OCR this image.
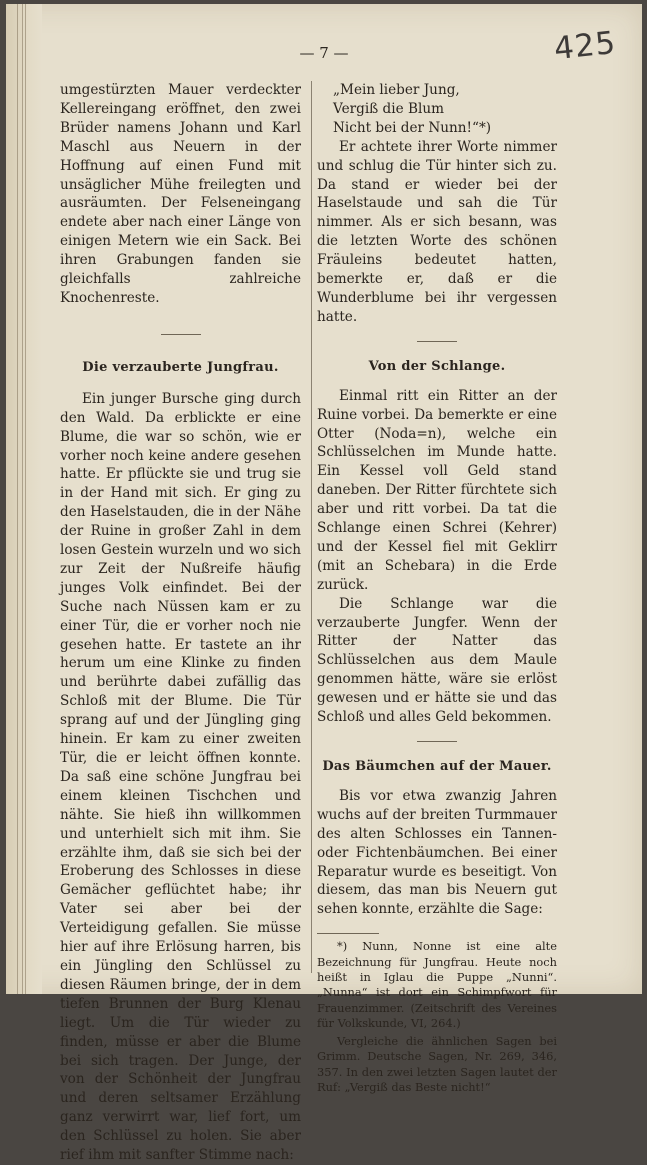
— 7 —	425

umgestürzten Mauer verdeckter Kellereingang eröffnet, den zwei Brüder namens Johann und Karl Maschl aus Neuern in der Hoffnung auf einen Fund mit unsäglicher Mühe freilegten und ausräumten. Der Felseneingang endete aber nach einer Länge von einigen Metern wie ein Sack. Bei ihren Grabungen fanden sie gleichfalls zahlreiche Knochenreste.

Die verzauberte Jungfrau.

Ein junger Bursche ging durch den Wald. Da erblickte er eine Blume, die war so schön, wie er vorher noch keine andere gesehen hatte. Er pflückte sie und trug sie in der Hand mit sich. Er ging zu den Haselstauden, die in der Nähe der Ruine in großer Zahl in dem losen Gestein wurzeln und wo sich zur Zeit der Nußreife häufig junges Volk einfindet. Bei der Suche nach Nüssen kam er zu einer Tür, die er vorher noch nie gesehen hatte. Er tastete an ihr herum um eine Klinke zu finden und berührte dabei zufällig das Schloß mit der Blume. Die Tür sprang auf und der Jüngling ging hinein. Er kam zu einer zweiten Tür, die er leicht öffnen konnte. Da saß eine schöne Jungfrau bei einem kleinen Tischchen und nähte. Sie hieß ihn willkommen und unterhielt sich mit ihm. Sie erzählte ihm, daß sie sich bei der Eroberung des Schlosses in diese Gemächer geflüchtet habe; ihr Vater sei aber bei der Verteidigung gefallen. Sie müsse hier auf ihre Erlösung harren, bis ein Jüngling den Schlüssel zu diesen Räumen bringe, der in dem tiefen Brunnen der Burg Klenau liegt. Um die Tür wieder zu finden, müsse er aber die Blume bei sich tragen. Der Junge, der von der Schönheit der Jungfrau und deren seltsamer Erzählung ganz verwirrt war, lief fort, um den Schlüssel zu holen. Sie aber rief ihm mit sanfter Stimme nach:

„Mein lieber Jung,

Vergiß die Blum

Nicht bei der Nunn!“*)

Er achtete ihrer Worte nimmer und schlug die Tür hinter sich zu. Da stand er wieder bei der Haselstaude und sah die Tür nimmer. Als er sich besann, was die letzten Worte des schönen Fräuleins bedeutet hatten, bemerkte er, daß er die Wunderblume bei ihr vergessen hatte.

Von der Schlange.

Einmal ritt ein Ritter an der Ruine vorbei. Da bemerkte er eine Otter (Noda=n), welche ein Schlüsselchen im Munde hatte. Ein Kessel voll Geld stand daneben. Der Ritter fürchtete sich aber und ritt vorbei. Da tat die Schlange einen Schrei (Kehrer) und der Kessel fiel mit Geklirr (mit an Schebara) in die Erde zurück.

Die Schlange war die verzauberte Jungfer. Wenn der Ritter der Natter das Schlüsselchen aus dem Maule genommen hätte, wäre sie erlöst gewesen und er hätte sie und das Schloß und alles Geld bekommen.

Das Bäumchen auf der Mauer.

Bis vor etwa zwanzig Jahren wuchs auf der breiten Turmmauer des alten Schlosses ein Tannen- oder Fichtenbäumchen. Bei einer Reparatur wurde es beseitigt. Von diesem, das man bis Neuern gut sehen konnte, erzählte die Sage:

*) Nunn, Nonne ist eine alte Bezeichnung für Jungfrau. Heute noch heißt in Iglau die Puppe „Nunni“. „Nunna“ ist dort ein Schimpfwort für Frauenzimmer. (Zeitschrift des Vereines für Volkskunde, VI, 264.)

Vergleiche die ähnlichen Sagen bei Grimm. Deutsche Sagen, Nr. 269, 346, 357. In den zwei letzten Sagen lautet der Ruf: „Vergiß das Beste nicht!“
